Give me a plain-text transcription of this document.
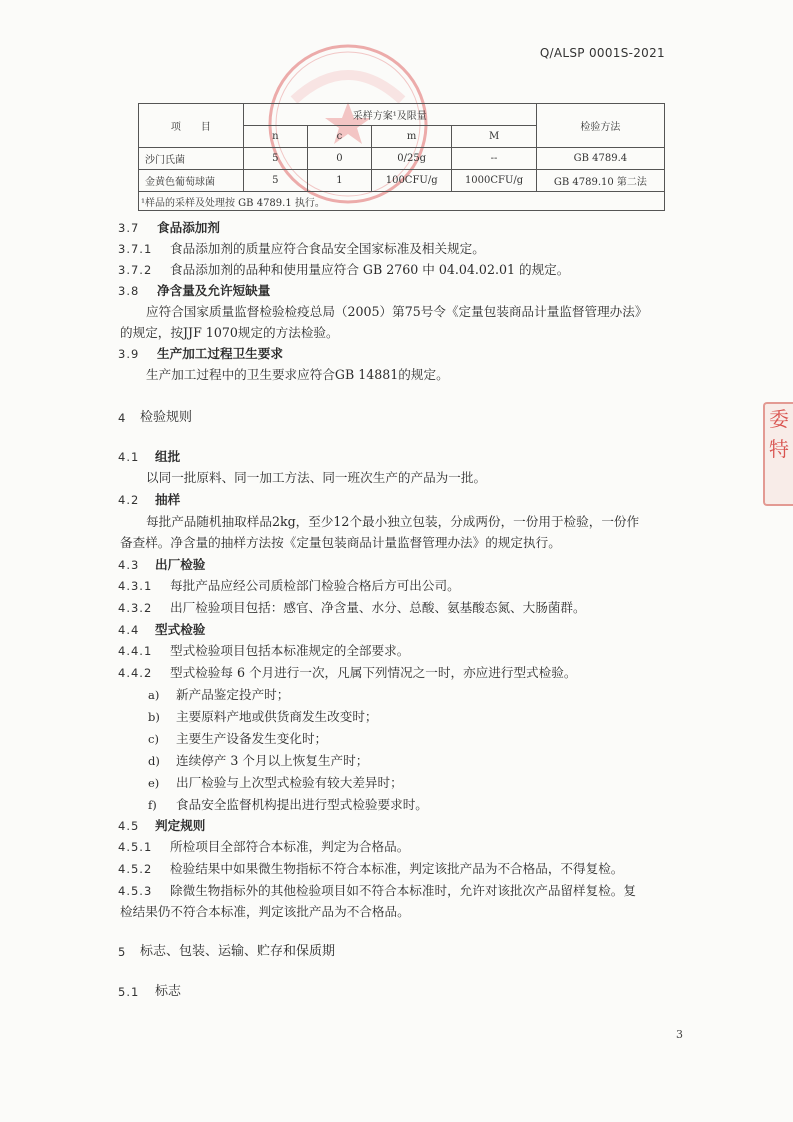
Q/ALSP 0001S-2021
委
特
项　　目	采样方案¹及限量				检验方法
	n	c	m	M	
沙门氏菌	5	0	0/25g	--	GB 4789.4
金黄色葡萄球菌	5	1	100CFU/g	1000CFU/g	GB 4789.10 第二法
¹样品的采样及处理按 GB 4789.1 执行。					
3.7 食品添加剂
3.7.1 食品添加剂的质量应符合食品安全国家标准及相关规定。
3.7.2 食品添加剂的品种和使用量应符合 GB 2760 中 04.04.02.01 的规定。
3.8 净含量及允许短缺量
应符合国家质量监督检验检疫总局（2005）第75号令《定量包装商品计量监督管理办法》
的规定，按JJF 1070规定的方法检验。
3.9 生产加工过程卫生要求
生产加工过程中的卫生要求应符合GB 14881的规定。
4 检验规则
4.1 组批
以同一批原料、同一加工方法、同一班次生产的产品为一批。
4.2 抽样
每批产品随机抽取样品2kg，至少12个最小独立包装，分成两份，一份用于检验，一份作
备查样。净含量的抽样方法按《定量包装商品计量监督管理办法》的规定执行。
4.3 出厂检验
4.3.1 每批产品应经公司质检部门检验合格后方可出公司。
4.3.2 出厂检验项目包括：感官、净含量、水分、总酸、氨基酸态氮、大肠菌群。
4.4 型式检验
4.4.1 型式检验项目包括本标准规定的全部要求。
4.4.2 型式检验每 6 个月进行一次，凡属下列情况之一时，亦应进行型式检验。
a) 新产品鉴定投产时；
b) 主要原料产地或供货商发生改变时；
c) 主要生产设备发生变化时；
d) 连续停产 3 个月以上恢复生产时；
e) 出厂检验与上次型式检验有较大差异时；
f) 食品安全监督机构提出进行型式检验要求时。
4.5 判定规则
4.5.1 所检项目全部符合本标准，判定为合格品。
4.5.2 检验结果中如果微生物指标不符合本标准，判定该批产品为不合格品，不得复检。
4.5.3 除微生物指标外的其他检验项目如不符合本标准时，允许对该批次产品留样复检。复
检结果仍不符合本标准，判定该批产品为不合格品。
5 标志、包装、运输、贮存和保质期
5.1 标志
3
